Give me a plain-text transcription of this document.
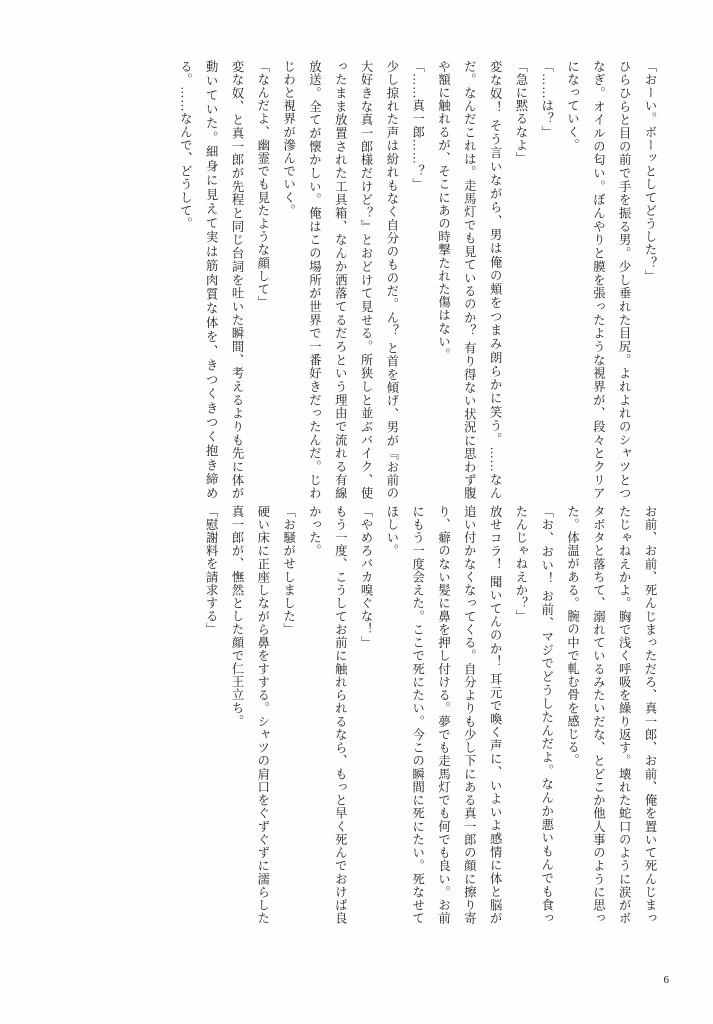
「おーい。ボーッとしてどうした？」

ひらひらと目の前で手を振る男。少し垂れた目尻。よれよれのシャツとつなぎ。オイルの匂い。ぼんやりと膜を張ったような視界が、段々とクリアになっていく。

「……は？」

「急に黙るなよ」

変な奴！ そう言いながら、男は俺の頬をつまみ朗らかに笑う。……なんだ。なんだこれは。走馬灯でも見ているのか？ 有り得ない状況に思わず腹や額に触れるが、そこにあの時撃たれた傷はない。

「……真一郎……？」

少し掠れた声は紛れもなく自分のものだ。ん？ と首を傾げ、男が『お前の大好きな真一郎様だけど？』とおどけて見せる。所狭しと並ぶバイク、使ったまま放置された工具箱、なんか洒落てるだろという理由で流れる有線放送。全てが懐かしい。俺はこの場所が世界で一番好きだったんだ。じわじわと視界が滲んでいく。

「なんだよ、幽霊でも見たような顔して」

変な奴、と真一郎が先程と同じ台詞を吐いた瞬間、考えるよりも先に体が動いていた。細身に見えて実は筋肉質な体を、きつくきつく抱き締める。……なんで、どうして。

お前、お前、死んじまっただろ、真一郎、お前、俺を置いて死んじまったじゃねえかよ。胸で浅く呼吸を繰り返す。壊れた蛇口のように涙がボタボタと落ちて、溺れているみたいだな、とどこか他人事のように思った。体温がある。腕の中で軋む骨を感じる。

「お、おい！ お前、マジでどうしたんだよ。なんか悪いもんでも食ったんじゃねえか？」

放せコラ！ 聞いてんのか！ 耳元で喚く声に、いよいよ感情に体と脳が追い付かなくなってくる。自分よりも少し下にある真一郎の顔に擦り寄り、癖のない髪に鼻を押し付ける。夢でも走馬灯でも何でも良い。お前にもう一度会えた。ここで死にたい。今この瞬間に死にたい。死なせてほしい。

「やめろバカ嗅ぐな！」

もう一度、こうしてお前に触れられるなら、もっと早く死んでおけば良かった。

「お騒がせしました」

硬い床に正座しながら鼻をすする。シャツの肩口をぐずぐずに濡らした真一郎が、憮然とした顔で仁王立ち。

「慰謝料を請求する」

6
